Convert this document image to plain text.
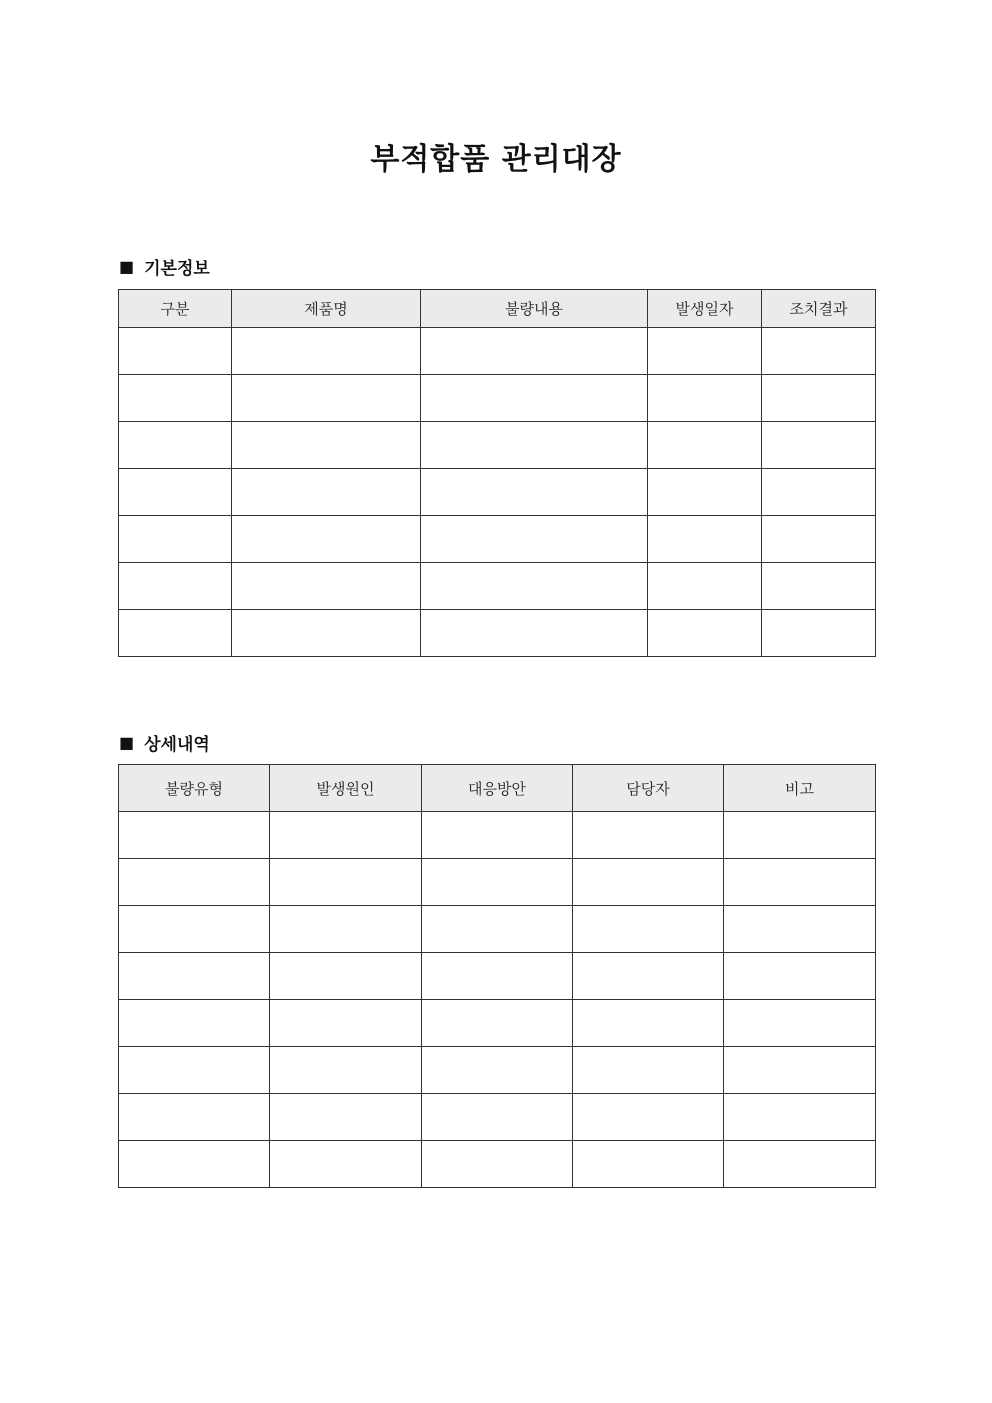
부적합품 관리대장
■ 기본정보
구분	제품명	불량내용	발생일자	조치결과

■ 상세내역
불량유형	발생원인	대응방안	담당자	비고
